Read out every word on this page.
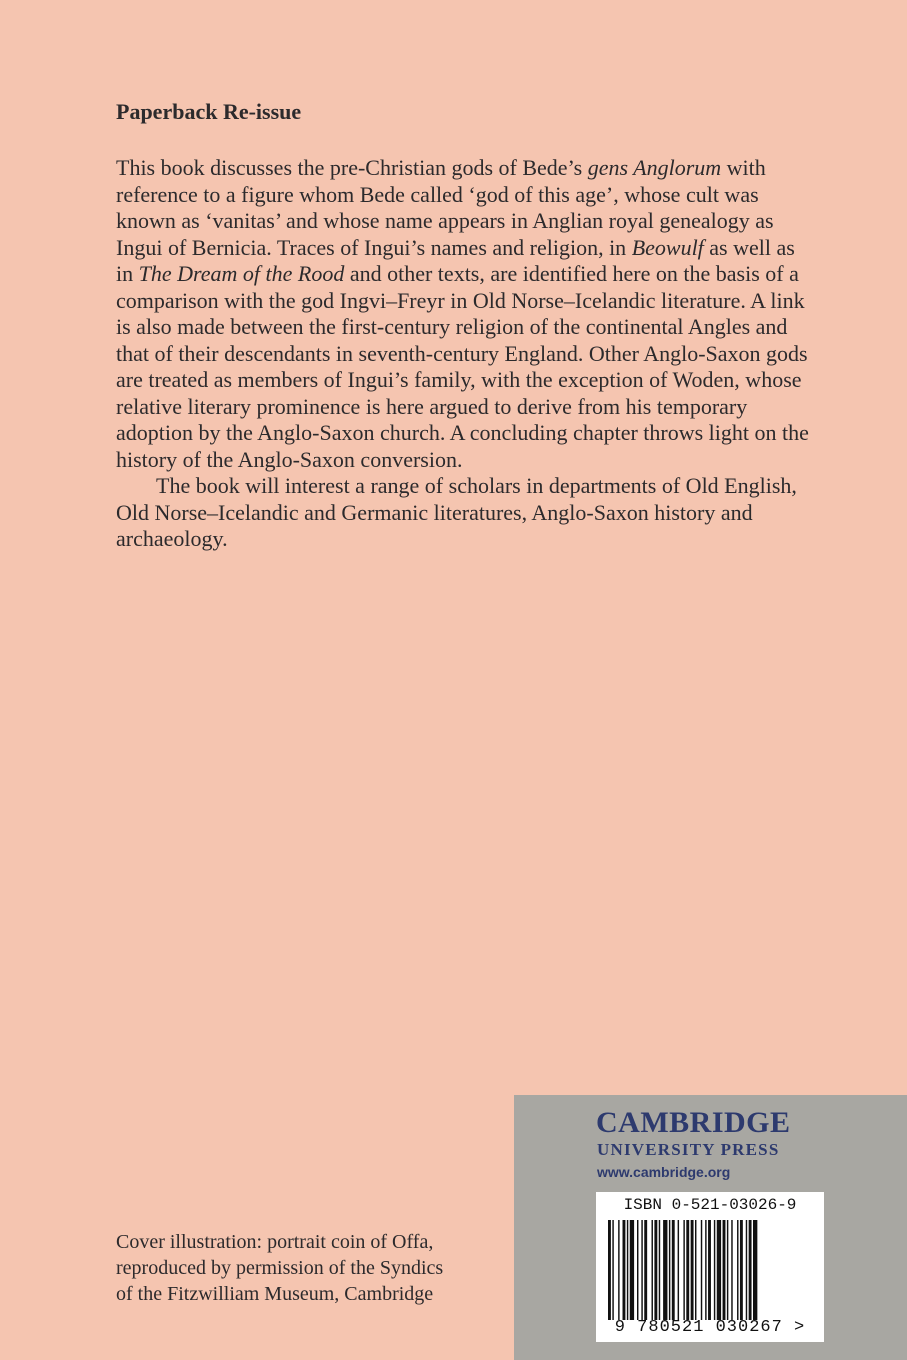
Paperback Re-issue

This book discusses the pre-Christian gods of Bede’s gens Anglorum with reference to a figure whom Bede called ‘god of this age’, whose cult was known as ‘vanitas’ and whose name appears in Anglian royal genealogy as Ingui of Bernicia. Traces of Ingui’s names and religion, in Beowulf as well as in The Dream of the Rood and other texts, are identified here on the basis of a comparison with the god Ingvi–Freyr in Old Norse–Icelandic literature. A link is also made between the first-century religion of the continental Angles and that of their descendants in seventh-century England. Other Anglo-Saxon gods are treated as members of Ingui’s family, with the exception of Woden, whose relative literary prominence is here argued to derive from his temporary adoption by the Anglo-Saxon church. A concluding chapter throws light on the history of the Anglo-Saxon conversion.

The book will interest a range of scholars in departments of Old English, Old Norse–Icelandic and Germanic literatures, Anglo-Saxon history and archaeology.

Cover illustration: portrait coin of Offa,
reproduced by permission of the Syndics
of the Fitzwilliam Museum, Cambridge
CAMBRIDGE
UNIVERSITY PRESS
www.cambridge.org
ISBN 0-521-03026-9
9 780521 030267 >
